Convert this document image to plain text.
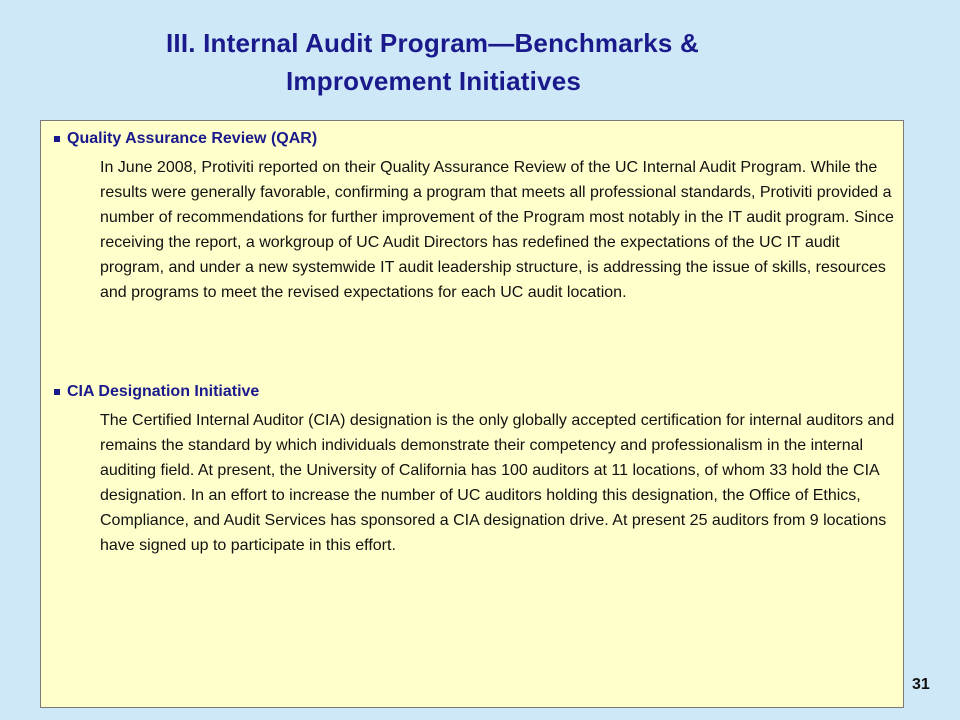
III. Internal Audit Program—Benchmarks &
Improvement Initiatives

Quality Assurance Review (QAR)

In June 2008, Protiviti reported on their Quality Assurance Review of the UC Internal Audit Program. While the results were generally favorable, confirming a program that meets all professional standards, Protiviti provided a number of recommendations for further improvement of the Program most notably in the IT audit program. Since receiving the report, a workgroup of UC Audit Directors has redefined the expectations of the UC IT audit program, and under a new systemwide IT audit leadership structure, is addressing the issue of skills, resources and programs to meet the revised expectations for each UC audit location.

CIA Designation Initiative

The Certified Internal Auditor (CIA) designation is the only globally accepted certification for internal auditors and remains the standard by which individuals demonstrate their competency and professionalism in the internal auditing field. At present, the University of California has 100 auditors at 11 locations, of whom 33 hold the CIA designation. In an effort to increase the number of UC auditors holding this designation, the Office of Ethics, Compliance, and Audit Services has sponsored a CIA designation drive. At present 25 auditors from 9 locations have signed up to participate in this effort.

31
